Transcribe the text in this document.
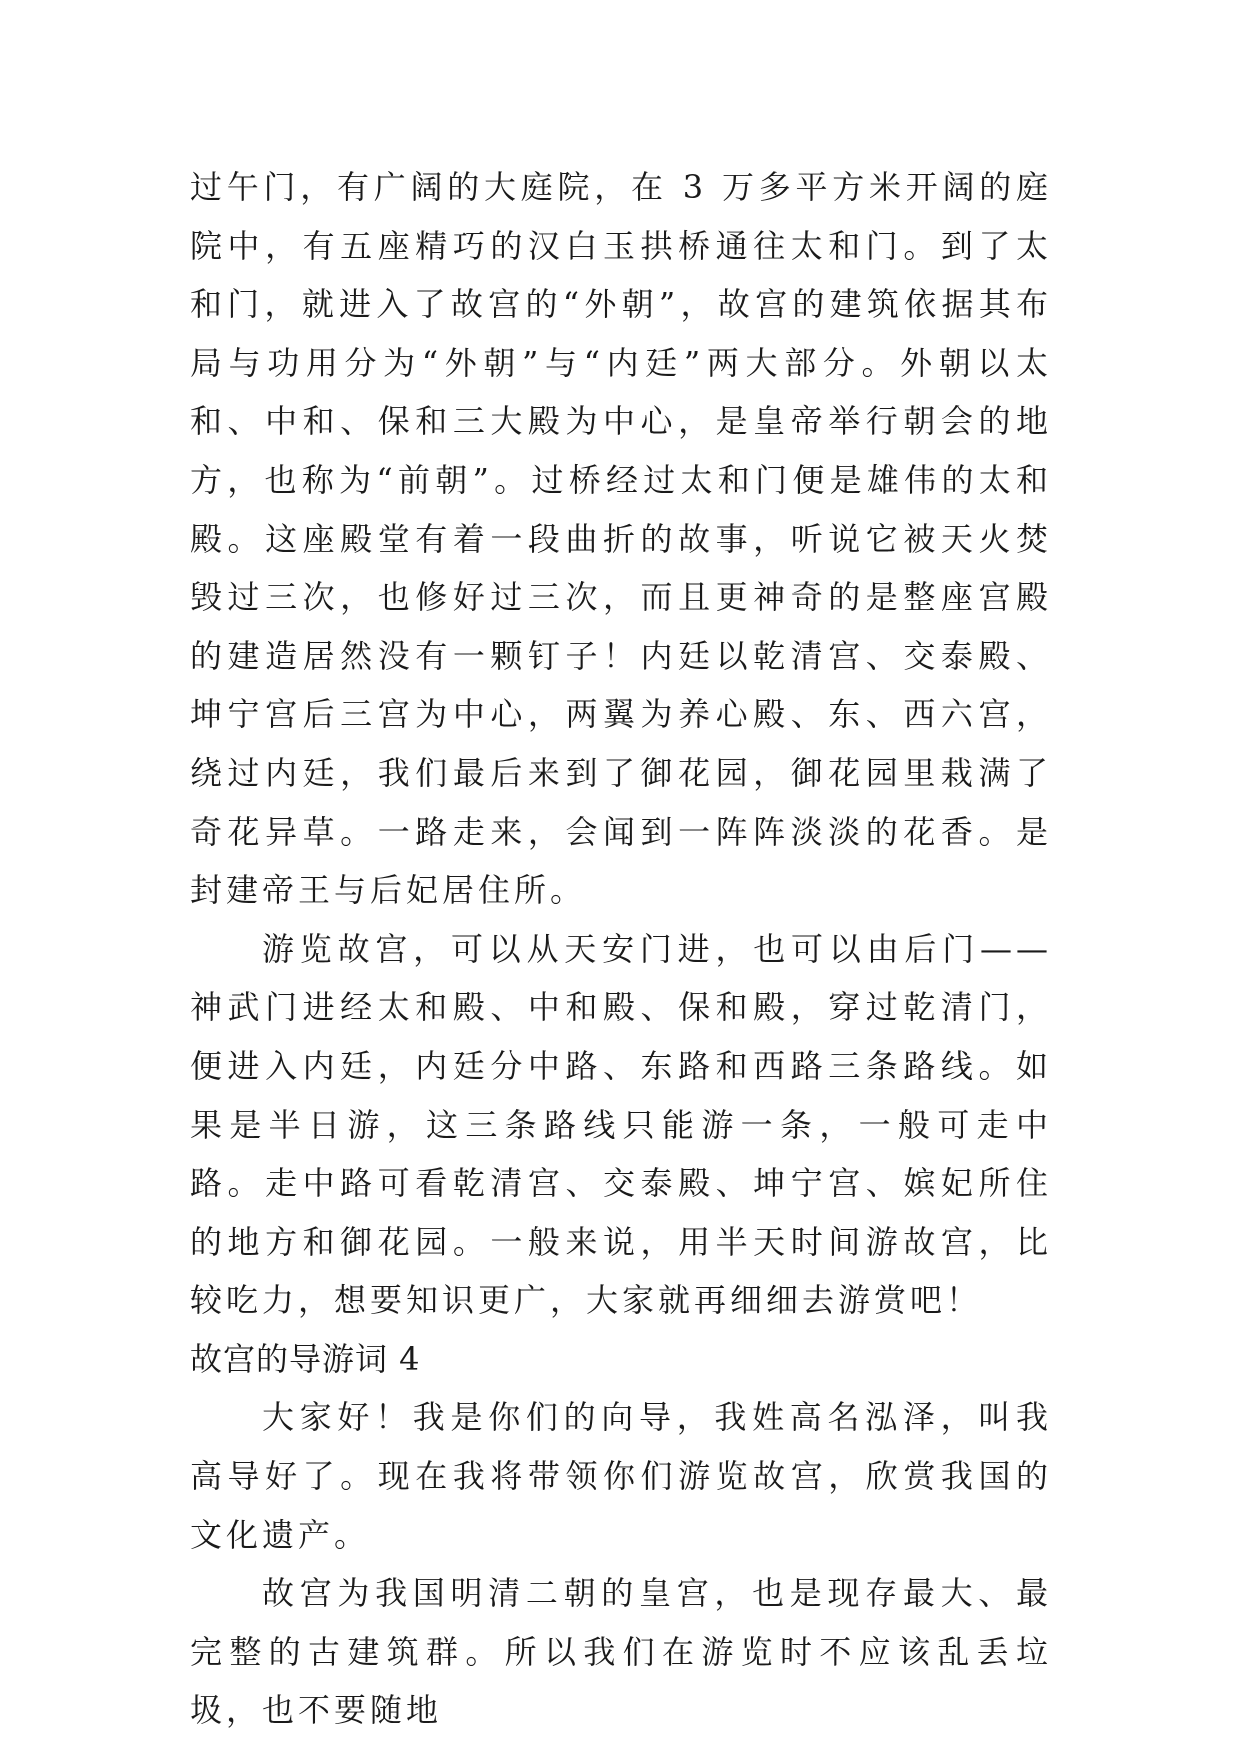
过午门，有广阔的大庭院，在 3 万多平方米开阔的庭院中，有五座精巧的汉白玉拱桥通往太和门。到了太和门，就进入了故宫的“外朝”，故宫的建筑依据其布局与功用分为“外朝”与“内廷”两大部分。外朝以太和、中和、保和三大殿为中心，是皇帝举行朝会的地方，也称为“前朝”。过桥经过太和门便是雄伟的太和殿。这座殿堂有着一段曲折的故事，听说它被天火焚毁过三次，也修好过三次，而且更神奇的是整座宫殿的建造居然没有一颗钉子！内廷以乾清宫、交泰殿、坤宁宫后三宫为中心，两翼为养心殿、东、西六宫，绕过内廷，我们最后来到了御花园，御花园里栽满了奇花异草。一路走来，会闻到一阵阵淡淡的花香。是封建帝王与后妃居住所。

游览故宫，可以从天安门进，也可以由后门——神武门进经太和殿、中和殿、保和殿，穿过乾清门，便进入内廷，内廷分中路、东路和西路三条路线。如果是半日游，这三条路线只能游一条，一般可走中路。走中路可看乾清宫、交泰殿、坤宁宫、嫔妃所住的地方和御花园。一般来说，用半天时间游故宫，比较吃力，想要知识更广，大家就再细细去游赏吧！

故宫的导游词 4

大家好！我是你们的向导，我姓高名泓泽，叫我高导好了。现在我将带领你们游览故宫，欣赏我国的文化遗产。

故宫为我国明清二朝的皇宫，也是现存最大、最完整的古建筑群。所以我们在游览时不应该乱丢垃圾，也不要随地
